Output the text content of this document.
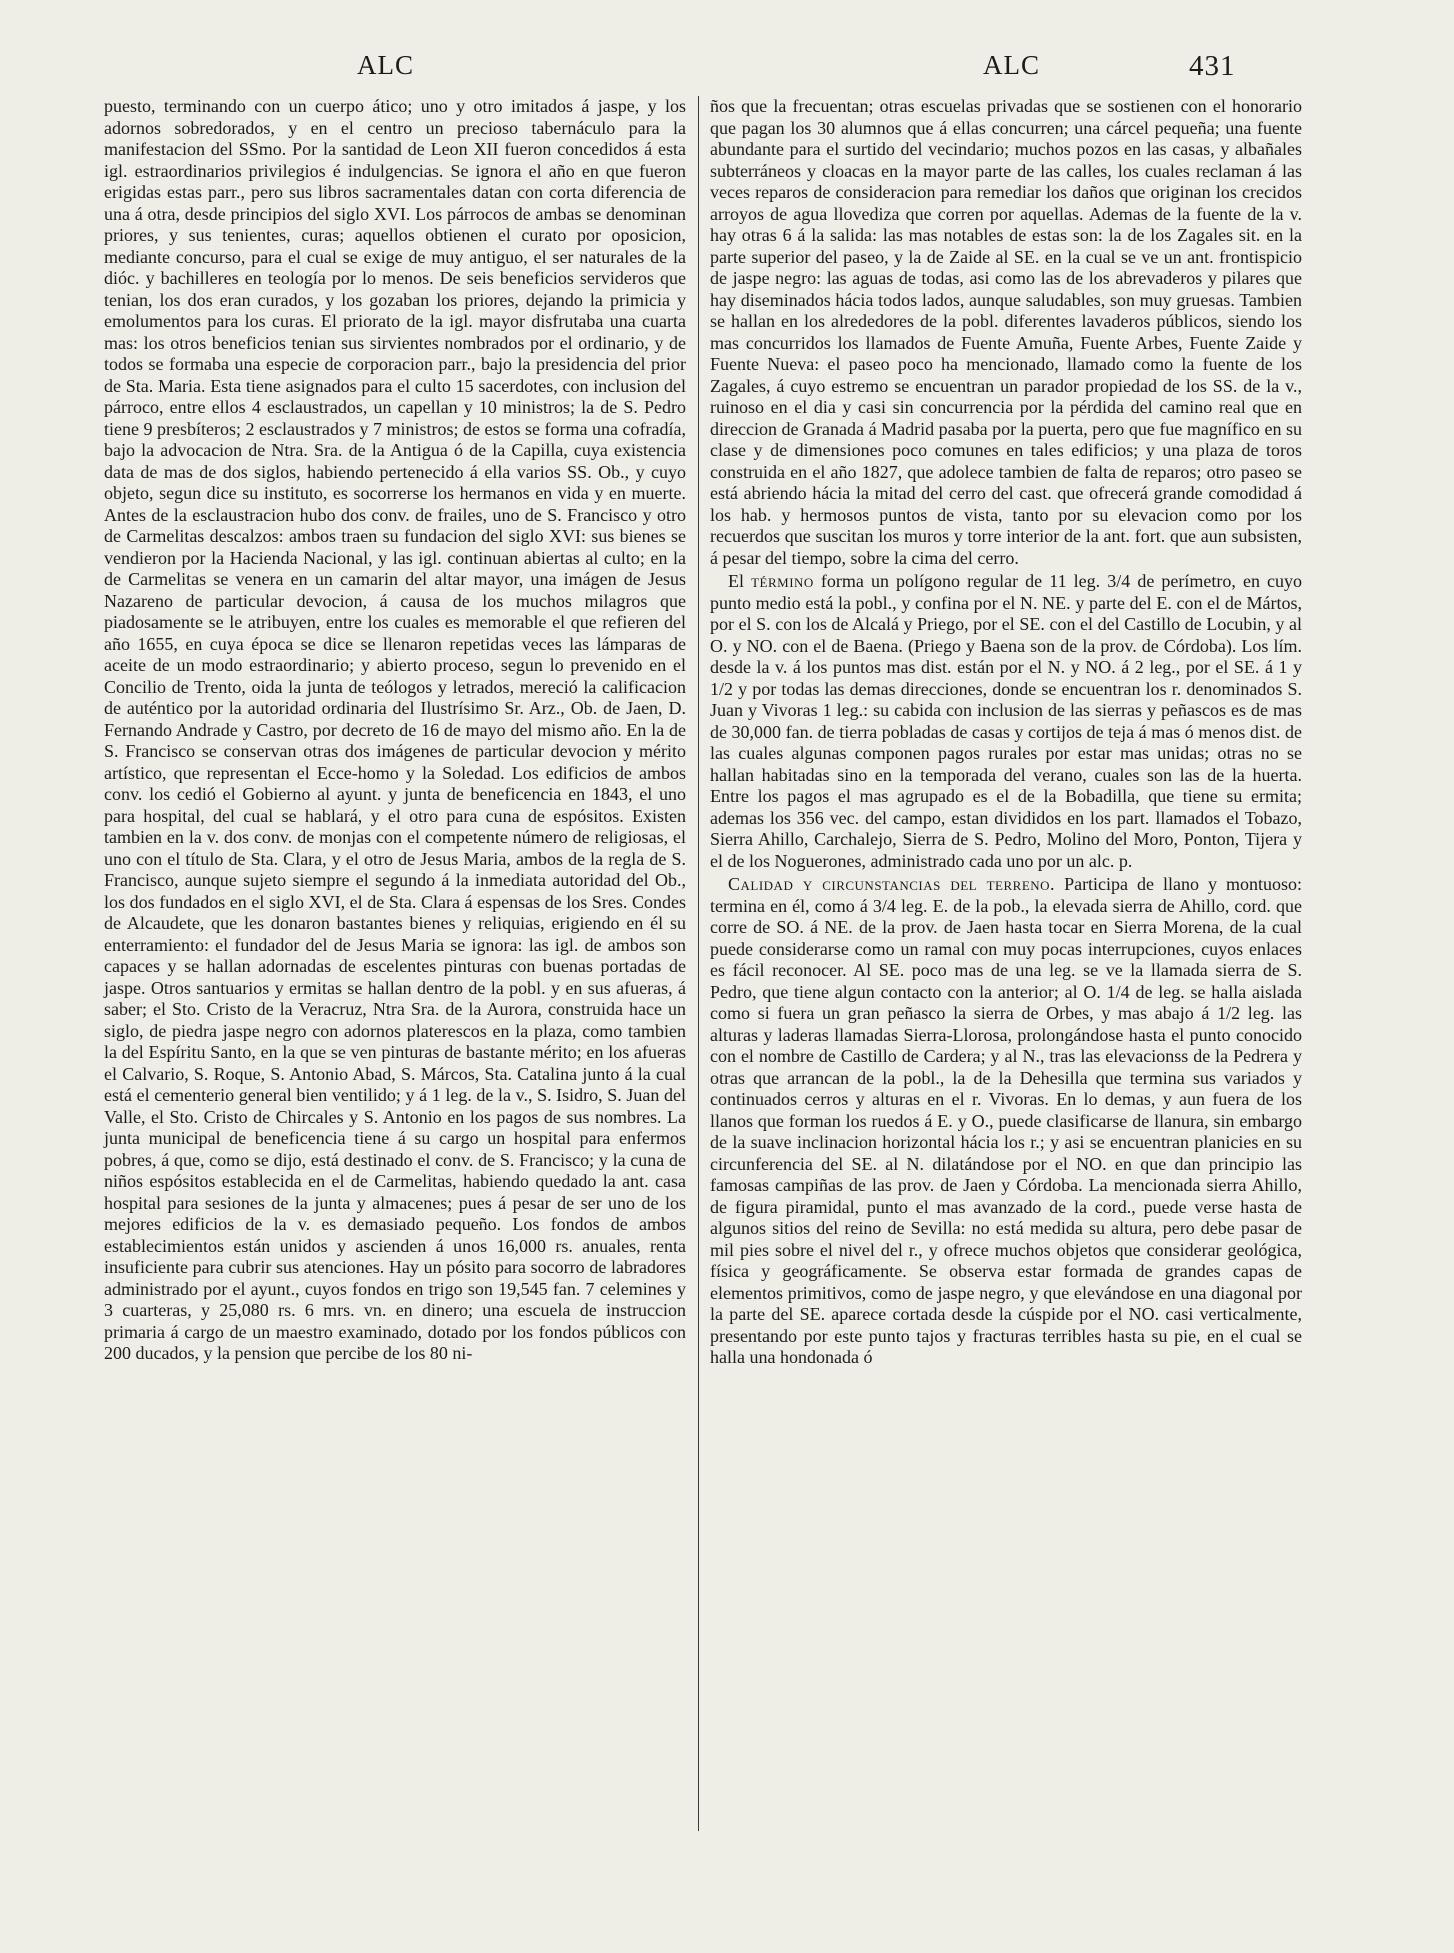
ALC	ALC	431

puesto, terminando con un cuerpo ático; uno y otro imitados á jaspe, y los adornos sobredorados, y en el centro un precioso tabernáculo para la manifestacion del SSmo. Por la santidad de Leon XII fueron concedidos á esta igl. estraordinarios privilegios é indulgencias. Se ignora el año en que fueron erigidas estas parr., pero sus libros sacramentales datan con corta diferencia de una á otra, desde principios del siglo XVI. Los párrocos de ambas se denominan priores, y sus tenientes, curas; aquellos obtienen el curato por oposicion, mediante concurso, para el cual se exige de muy antiguo, el ser naturales de la dióc. y bachilleres en teología por lo menos. De seis beneficios servideros que tenian, los dos eran curados, y los gozaban los priores, dejando la primicia y emolumentos para los curas. El priorato de la igl. mayor disfrutaba una cuarta mas: los otros beneficios tenian sus sirvientes nombrados por el ordinario, y de todos se formaba una especie de corporacion parr., bajo la presidencia del prior de Sta. Maria. Esta tiene asignados para el culto 15 sacerdotes, con inclusion del párroco, entre ellos 4 esclaustrados, un capellan y 10 ministros; la de S. Pedro tiene 9 presbíteros; 2 esclaustrados y 7 ministros; de estos se forma una cofradía, bajo la advocacion de Ntra. Sra. de la Antigua ó de la Capilla, cuya existencia data de mas de dos siglos, habiendo pertenecido á ella varios SS. Ob., y cuyo objeto, segun dice su instituto, es socorrerse los hermanos en vida y en muerte. Antes de la esclaustracion hubo dos conv. de frailes, uno de S. Francisco y otro de Carmelitas descalzos: ambos traen su fundacion del siglo XVI: sus bienes se vendieron por la Hacienda Nacional, y las igl. continuan abiertas al culto; en la de Carmelitas se venera en un camarin del altar mayor, una imágen de Jesus Nazareno de particular devocion, á causa de los muchos milagros que piadosamente se le atribuyen, entre los cuales es memorable el que refieren del año 1655, en cuya época se dice se llenaron repetidas veces las lámparas de aceite de un modo estraordinario; y abierto proceso, segun lo prevenido en el Concilio de Trento, oida la junta de teólogos y letrados, mereció la calificacion de auténtico por la autoridad ordinaria del Ilustrísimo Sr. Arz., Ob. de Jaen, D. Fernando Andrade y Castro, por decreto de 16 de mayo del mismo año. En la de S. Francisco se conservan otras dos imágenes de particular devocion y mérito artístico, que representan el Ecce-homo y la Soledad. Los edificios de ambos conv. los cedió el Gobierno al ayunt. y junta de beneficencia en 1843, el uno para hospital, del cual se hablará, y el otro para cuna de espósitos. Existen tambien en la v. dos conv. de monjas con el competente número de religiosas, el uno con el título de Sta. Clara, y el otro de Jesus Maria, ambos de la regla de S. Francisco, aunque sujeto siempre el segundo á la inmediata autoridad del Ob., los dos fundados en el siglo XVI, el de Sta. Clara á espensas de los Sres. Condes de Alcaudete, que les donaron bastantes bienes y reliquias, erigiendo en él su enterramiento: el fundador del de Jesus Maria se ignora: las igl. de ambos son capaces y se hallan adornadas de escelentes pinturas con buenas portadas de jaspe. Otros santuarios y ermitas se hallan dentro de la pobl. y en sus afueras, á saber; el Sto. Cristo de la Veracruz, Ntra Sra. de la Aurora, construida hace un siglo, de piedra jaspe negro con adornos platerescos en la plaza, como tambien la del Espíritu Santo, en la que se ven pinturas de bastante mérito; en los afueras el Calvario, S. Roque, S. Antonio Abad, S. Márcos, Sta. Catalina junto á la cual está el cementerio general bien ventilido; y á 1 leg. de la v., S. Isidro, S. Juan del Valle, el Sto. Cristo de Chircales y S. Antonio en los pagos de sus nombres. La junta municipal de beneficencia tiene á su cargo un hospital para enfermos pobres, á que, como se dijo, está destinado el conv. de S. Francisco; y la cuna de niños espósitos establecida en el de Carmelitas, habiendo quedado la ant. casa hospital para sesiones de la junta y almacenes; pues á pesar de ser uno de los mejores edificios de la v. es demasiado pequeño. Los fondos de ambos establecimientos están unidos y ascienden á unos 16,000 rs. anuales, renta insuficiente para cubrir sus atenciones. Hay un pósito para socorro de labradores administrado por el ayunt., cuyos fondos en trigo son 19,545 fan. 7 celemines y 3 cuarteras, y 25,080 rs. 6 mrs. vn. en dinero; una escuela de instruccion primaria á cargo de un maestro examinado, dotado por los fondos públicos con 200 ducados, y la pension que percibe de los 80 ni-

ños que la frecuentan; otras escuelas privadas que se sostienen con el honorario que pagan los 30 alumnos que á ellas concurren; una cárcel pequeña; una fuente abundante para el surtido del vecindario; muchos pozos en las casas, y albañales subterráneos y cloacas en la mayor parte de las calles, los cuales reclaman á las veces reparos de consideracion para remediar los daños que originan los crecidos arroyos de agua llovediza que corren por aquellas. Ademas de la fuente de la v. hay otras 6 á la salida: las mas notables de estas son: la de los Zagales sit. en la parte superior del paseo, y la de Zaide al SE. en la cual se ve un ant. frontispicio de jaspe negro: las aguas de todas, asi como las de los abrevaderos y pilares que hay diseminados hácia todos lados, aunque saludables, son muy gruesas. Tambien se hallan en los alrededores de la pobl. diferentes lavaderos públicos, siendo los mas concurridos los llamados de Fuente Amuña, Fuente Arbes, Fuente Zaide y Fuente Nueva: el paseo poco ha mencionado, llamado como la fuente de los Zagales, á cuyo estremo se encuentran un parador propiedad de los SS. de la v., ruinoso en el dia y casi sin concurrencia por la pérdida del camino real que en direccion de Granada á Madrid pasaba por la puerta, pero que fue magnífico en su clase y de dimensiones poco comunes en tales edificios; y una plaza de toros construida en el año 1827, que adolece tambien de falta de reparos; otro paseo se está abriendo hácia la mitad del cerro del cast. que ofrecerá grande comodidad á los hab. y hermosos puntos de vista, tanto por su elevacion como por los recuerdos que suscitan los muros y torre interior de la ant. fort. que aun subsisten, á pesar del tiempo, sobre la cima del cerro.

El término forma un polígono regular de 11 leg. 3/4 de perímetro, en cuyo punto medio está la pobl., y confina por el N. NE. y parte del E. con el de Mártos, por el S. con los de Alcalá y Priego, por el SE. con el del Castillo de Locubin, y al O. y NO. con el de Baena. (Priego y Baena son de la prov. de Córdoba). Los lím. desde la v. á los puntos mas dist. están por el N. y NO. á 2 leg., por el SE. á 1 y 1/2 y por todas las demas direcciones, donde se encuentran los r. denominados S. Juan y Vivoras 1 leg.: su cabida con inclusion de las sierras y peñascos es de mas de 30,000 fan. de tierra pobladas de casas y cortijos de teja á mas ó menos dist. de las cuales algunas componen pagos rurales por estar mas unidas; otras no se hallan habitadas sino en la temporada del verano, cuales son las de la huerta. Entre los pagos el mas agrupado es el de la Bobadilla, que tiene su ermita; ademas los 356 vec. del campo, estan divididos en los part. llamados el Tobazo, Sierra Ahillo, Carchalejo, Sierra de S. Pedro, Molino del Moro, Ponton, Tijera y el de los Noguerones, administrado cada uno por un alc. p.

Calidad y circunstancias del terreno. Participa de llano y montuoso: termina en él, como á 3/4 leg. E. de la pob., la elevada sierra de Ahillo, cord. que corre de SO. á NE. de la prov. de Jaen hasta tocar en Sierra Morena, de la cual puede considerarse como un ramal con muy pocas interrupciones, cuyos enlaces es fácil reconocer. Al SE. poco mas de una leg. se ve la llamada sierra de S. Pedro, que tiene algun contacto con la anterior; al O. 1/4 de leg. se halla aislada como si fuera un gran peñasco la sierra de Orbes, y mas abajo á 1/2 leg. las alturas y laderas llamadas Sierra-Llorosa, prolongándose hasta el punto conocido con el nombre de Castillo de Cardera; y al N., tras las elevacionss de la Pedrera y otras que arrancan de la pobl., la de la Dehesilla que termina sus variados y continuados cerros y alturas en el r. Vivoras. En lo demas, y aun fuera de los llanos que forman los ruedos á E. y O., puede clasificarse de llanura, sin embargo de la suave inclinacion horizontal hácia los r.; y asi se encuentran planicies en su circunferencia del SE. al N. dilatándose por el NO. en que dan principio las famosas campiñas de las prov. de Jaen y Córdoba. La mencionada sierra Ahillo, de figura piramidal, punto el mas avanzado de la cord., puede verse hasta de algunos sitios del reino de Sevilla: no está medida su altura, pero debe pasar de mil pies sobre el nivel del r., y ofrece muchos objetos que considerar geológica, física y geográficamente. Se observa estar formada de grandes capas de elementos primitivos, como de jaspe negro, y que elevándose en una diagonal por la parte del SE. aparece cortada desde la cúspide por el NO. casi verticalmente, presentando por este punto tajos y fracturas terribles hasta su pie, en el cual se halla una hondonada ó
